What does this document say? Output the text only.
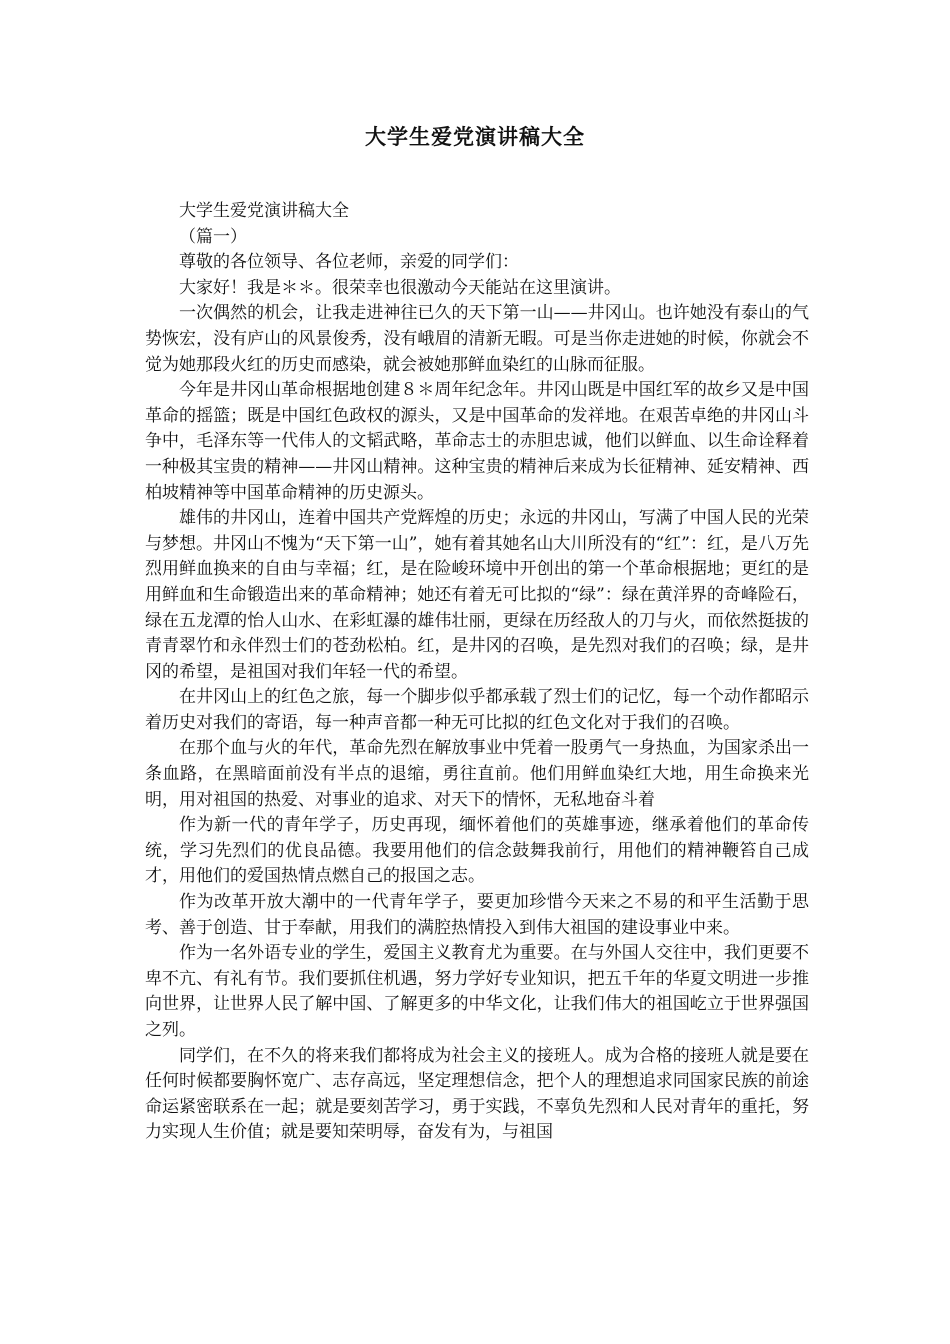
大学生爱党演讲稿大全

大学生爱党演讲稿大全

（篇一）

尊敬的各位领导、各位老师，亲爱的同学们：

大家好！我是＊＊。很荣幸也很激动今天能站在这里演讲。

一次偶然的机会，让我走进神往已久的天下第一山——井冈山。也许她没有泰山的气势恢宏，没有庐山的风景俊秀，没有峨眉的清新无暇。可是当你走进她的时候，你就会不觉为她那段火红的历史而感染，就会被她那鲜血染红的山脉而征服。

今年是井冈山革命根据地创建８＊周年纪念年。井冈山既是中国红军的故乡又是中国革命的摇篮；既是中国红色政权的源头，又是中国革命的发祥地。在艰苦卓绝的井冈山斗争中，毛泽东等一代伟人的文韬武略，革命志士的赤胆忠诚，他们以鲜血、以生命诠释着一种极其宝贵的精神——井冈山精神。这种宝贵的精神后来成为长征精神、延安精神、西柏坡精神等中国革命精神的历史源头。

雄伟的井冈山，连着中国共产党辉煌的历史；永远的井冈山，写满了中国人民的光荣与梦想。井冈山不愧为“天下第一山”，她有着其她名山大川所没有的“红”：红，是八万先烈用鲜血换来的自由与幸福；红，是在险峻环境中开创出的第一个革命根据地；更红的是用鲜血和生命锻造出来的革命精神；她还有着无可比拟的“绿”：绿在黄洋界的奇峰险石，绿在五龙潭的怡人山水、在彩虹瀑的雄伟壮丽，更绿在历经敌人的刀与火，而依然挺拔的青青翠竹和永伴烈士们的苍劲松柏。红，是井冈的召唤，是先烈对我们的召唤；绿，是井冈的希望，是祖国对我们年轻一代的希望。

在井冈山上的红色之旅，每一个脚步似乎都承载了烈士们的记忆，每一个动作都昭示着历史对我们的寄语，每一种声音都一种无可比拟的红色文化对于我们的召唤。

在那个血与火的年代，革命先烈在解放事业中凭着一股勇气一身热血，为国家杀出一条血路，在黑暗面前没有半点的退缩，勇往直前。他们用鲜血染红大地，用生命换来光明，用对祖国的热爱、对事业的追求、对天下的情怀，无私地奋斗着

作为新一代的青年学子，历史再现，缅怀着他们的英雄事迹，继承着他们的革命传统，学习先烈们的优良品德。我要用他们的信念鼓舞我前行，用他们的精神鞭笞自己成才，用他们的爱国热情点燃自己的报国之志。

作为改革开放大潮中的一代青年学子，要更加珍惜今天来之不易的和平生活勤于思考、善于创造、甘于奉献，用我们的满腔热情投入到伟大祖国的建设事业中来。

作为一名外语专业的学生，爱国主义教育尤为重要。在与外国人交往中，我们更要不卑不亢、有礼有节。我们要抓住机遇，努力学好专业知识，把五千年的华夏文明进一步推向世界，让世界人民了解中国、了解更多的中华文化，让我们伟大的祖国屹立于世界强国之列。

同学们，在不久的将来我们都将成为社会主义的接班人。成为合格的接班人就是要在任何时候都要胸怀宽广、志存高远，坚定理想信念，把个人的理想追求同国家民族的前途命运紧密联系在一起；就是要刻苦学习，勇于实践，不辜负先烈和人民对青年的重托，努力实现人生价值；就是要知荣明辱，奋发有为，与祖国
